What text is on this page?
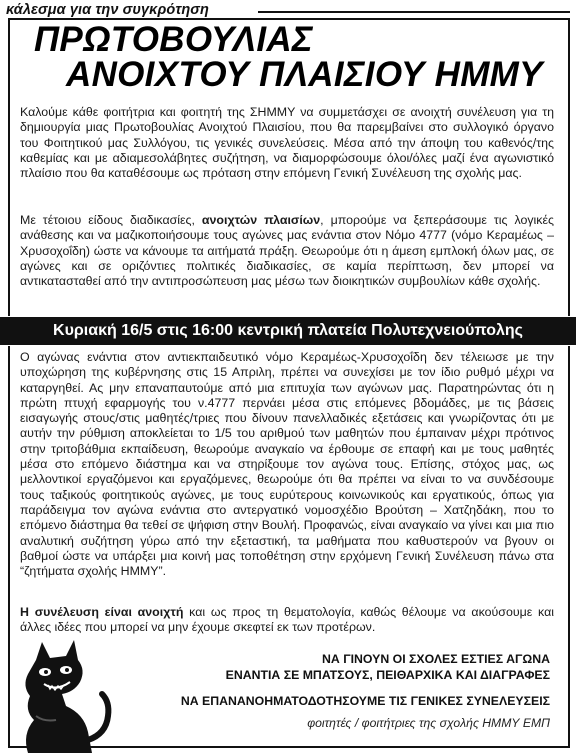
κάλεσμα για την συγκρότηση
ΠΡΩΤΟΒΟΥΛΙΑΣ
ΑΝΟΙΧΤΟΥ ΠΛΑΙΣΙΟΥ ΗΜΜΥ
Καλούμε κάθε φοιτήτρια και φοιτητή της ΣΗΜΜΥ να συμμετάσχει σε ανοιχτή συνέλευση για τη δημιουργία μιας Πρωτοβουλίας Ανοιχτού Πλαισίου, που θα παρεμβαίνει στο συλλογικό όργανο του Φοιτητικού μας Συλλόγου, τις γενικές συνελεύσεις. Μέσα από την άποψη του καθενός/της καθεμίας και με αδιαμεσολάβητες συζήτηση, να διαμορφώσουμε όλοι/όλες μαζί ένα αγωνιστικό πλαίσιο που θα καταθέσουμε ως πρόταση στην επόμενη Γενική Συνέλευση της σχολής μας.
Με τέτοιου είδους διαδικασίες, ανοιχτών πλαισίων, μπορούμε να ξεπεράσουμε τις λογικές ανάθεσης και να μαζικοποιήσουμε τους αγώνες μας ενάντια στον Νόμο 4777 (νόμο Κεραμέως – Χρυσοχοΐδη) ώστε να κάνουμε τα αιτήματά πράξη. Θεωρούμε ότι η άμεση εμπλοκή όλων μας, σε αγώνες και σε οριζόντιες πολιτικές διαδικασίες, σε καμία περίπτωση, δεν μπορεί να αντικατασταθεί από την αντιπροσώπευση μας μέσω των διοικητικών συμβουλίων κάθε σχολής.
Κυριακή 16/5 στις 16:00 κεντρική πλατεία Πολυτεχνειούπολης
Ο αγώνας ενάντια στον αντιεκπαιδευτικό νόμο Κεραμέως-Χρυσοχοΐδη δεν τέλειωσε με την υποχώρηση της κυβέρνησης στις 15 Απριλη, πρέπει να συνεχίσει με τον ίδιο ρυθμό μέχρι να καταργηθεί. Ας μην επαναπαυτούμε από μια επιτυχία των αγώνων μας. Παρατηρώντας ότι η πρώτη πτυχή εφαρμογής του ν.4777 περνάει μέσα στις επόμενες βδομάδες, με τις βάσεις εισαγωγής στους/στις μαθητές/τριες που δίνουν πανελλαδικές εξετάσεις και γνωρίζοντας ότι με αυτήν την ρύθμιση αποκλείεται το 1/5 του αριθμού των μαθητών που έμπαιναν μέχρι πρότινος στην τριτοβάθμια εκπαίδευση, θεωρούμε αναγκαίο να έρθουμε σε επαφή και με τους μαθητές μέσα στο επόμενο διάστημα και να στηρίξουμε τον αγώνα τους. Επίσης, στόχος μας, ως μελλοντικοί εργαζόμενοι και εργαζόμενες, θεωρούμε ότι θα πρέπει να είναι το να συνδέσουμε τους ταξικούς φοιτητικούς αγώνες, με τους ευρύτερους κοινωνικούς και εργατικούς, όπως για παράδειγμα τον αγώνα ενάντια στο αντεργατικό νομοσχέδιο Βρούτση – Χατζηδάκη, που το επόμενο διάστημα θα τεθεί σε ψήφιση στην Βουλή. Προφανώς, είναι αναγκαίο να γίνει και μια πιο αναλυτική συζήτηση γύρω από την εξεταστική, τα μαθήματα που καθυστερούν να βγουν οι βαθμοί ώστε να υπάρξει μια κοινή μας τοποθέτηση στην ερχόμενη Γενική Συνέλευση πάνω στα “ζητήματα σχολής ΗΜΜΥ”.
Η συνέλευση είναι ανοιχτή και ως προς τη θεματολογία, καθώς θέλουμε να ακούσουμε και άλλες ιδέες που μπορεί να μην έχουμε σκεφτεί εκ των προτέρων.
ΝΑ ΓΙΝΟΥΝ ΟΙ ΣΧΟΛΕΣ ΕΣΤΙΕΣ ΑΓΩΝΑ
ΕΝΑΝΤΙΑ ΣΕ ΜΠΑΤΣΟΥΣ, ΠΕΙΘΑΡΧΙΚΑ ΚΑΙ ΔΙΑΓΡΑΦΕΣ
ΝΑ ΕΠΑΝΑΝΟΗΜΑΤΟΔΟΤΗΣΟΥΜΕ ΤΙΣ ΓΕΝΙΚΕΣ ΣΥΝΕΛΕΥΣΕΙΣ
φοιτητές / φοιτήτριες της σχολής ΗΜΜΥ ΕΜΠ
